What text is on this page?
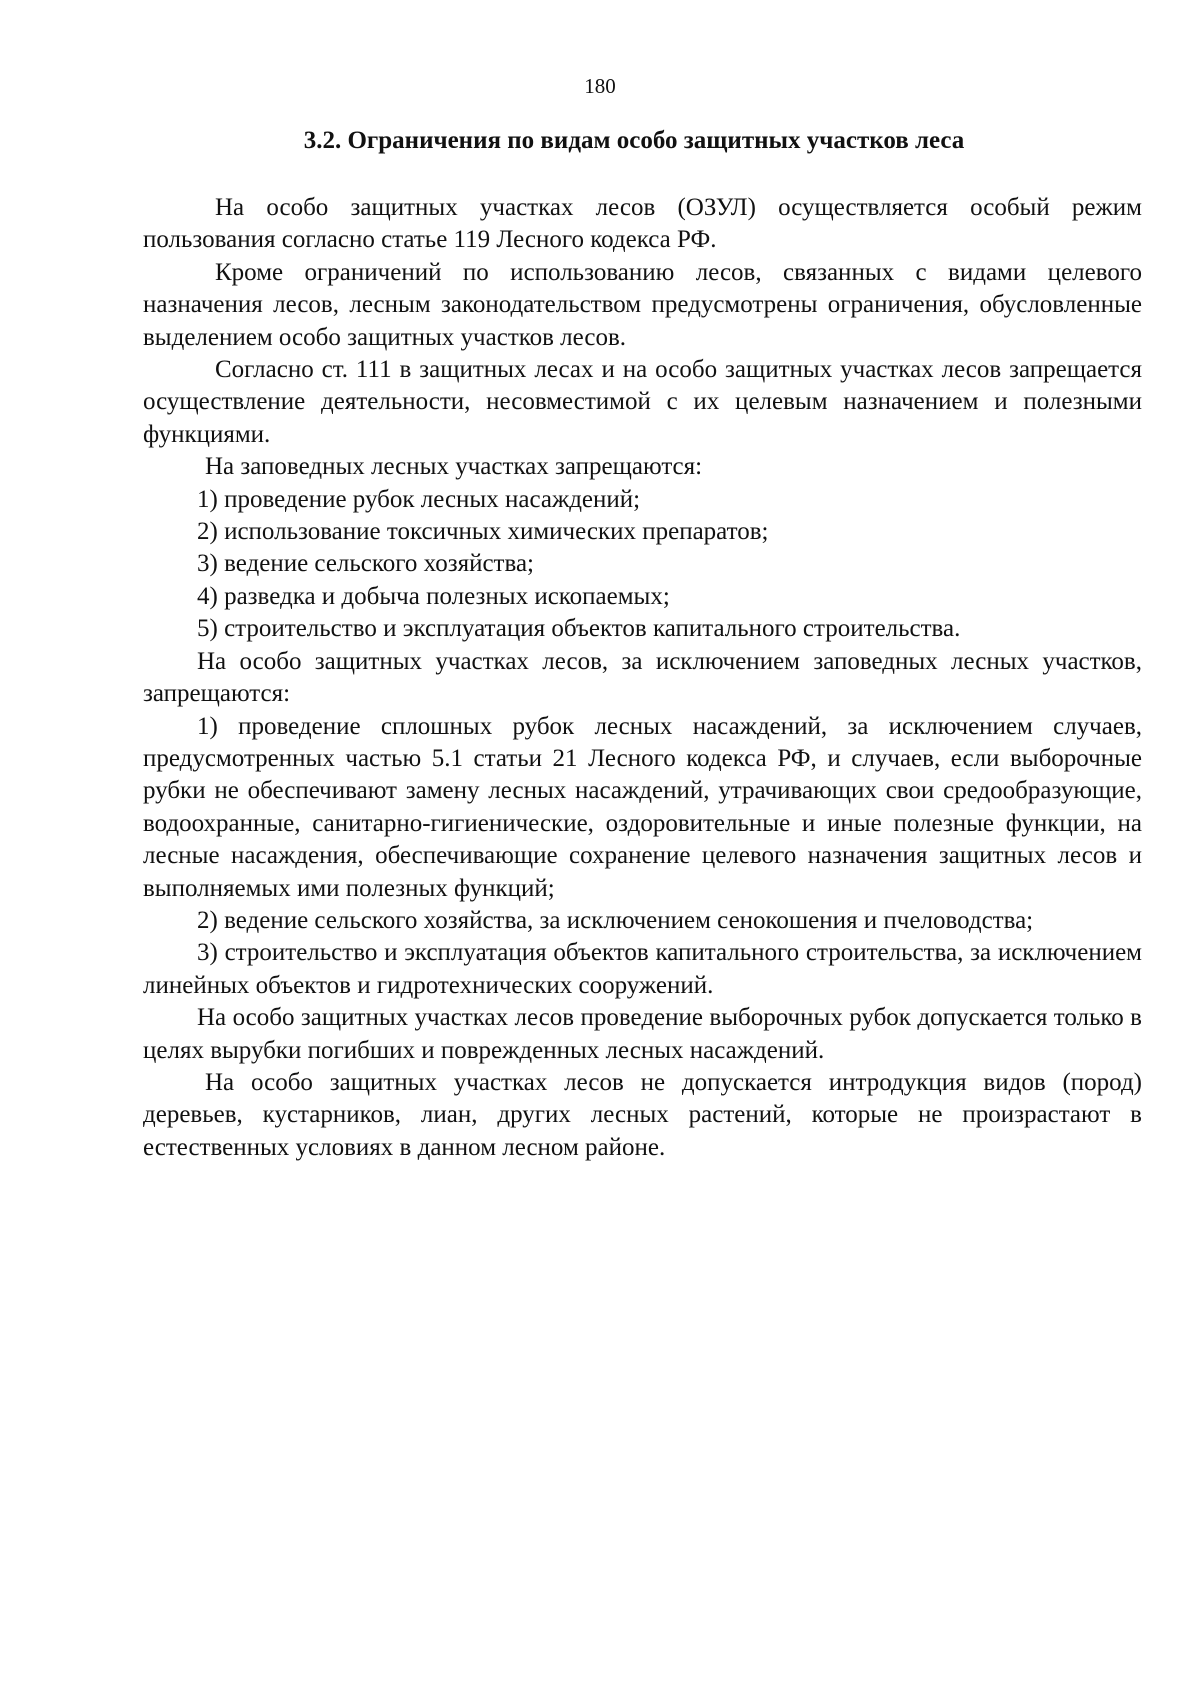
180
3.2. Ограничения по видам особо защитных участков леса

На особо защитных участках лесов (ОЗУЛ) осуществляется особый режим пользования согласно статье 119 Лесного кодекса РФ.

Кроме ограничений по использованию лесов, связанных с видами целевого назначения лесов, лесным законодательством предусмотрены ограничения, обусловленные выделением особо защитных участков лесов.

Согласно ст. 111 в защитных лесах и на особо защитных участках лесов запрещается осуществление деятельности, несовместимой с их целевым назначением и полезными функциями.

На заповедных лесных участках запрещаются:

1) проведение рубок лесных насаждений;

2) использование токсичных химических препаратов;

3) ведение сельского хозяйства;

4) разведка и добыча полезных ископаемых;

5) строительство и эксплуатация объектов капитального строительства.

На особо защитных участках лесов, за исключением заповедных лесных участков, запрещаются:

1) проведение сплошных рубок лесных насаждений, за исключением случаев, предусмотренных частью 5.1 статьи 21 Лесного кодекса РФ, и случаев, если выборочные рубки не обеспечивают замену лесных насаждений, утрачивающих свои средообразующие, водоохранные, санитарно-гигиенические, оздоровительные и иные полезные функции, на лесные насаждения, обеспечивающие сохранение целевого назначения защитных лесов и выполняемых ими полезных функций;

2) ведение сельского хозяйства, за исключением сенокошения и пчеловодства;

3) строительство и эксплуатация объектов капитального строительства, за исключением линейных объектов и гидротехнических сооружений.

На особо защитных участках лесов проведение выборочных рубок допускается только в целях вырубки погибших и поврежденных лесных насаждений.

На особо защитных участках лесов не допускается интродукция видов (пород) деревьев, кустарников, лиан, других лесных растений, которые не произрастают в естественных условиях в данном лесном районе.
